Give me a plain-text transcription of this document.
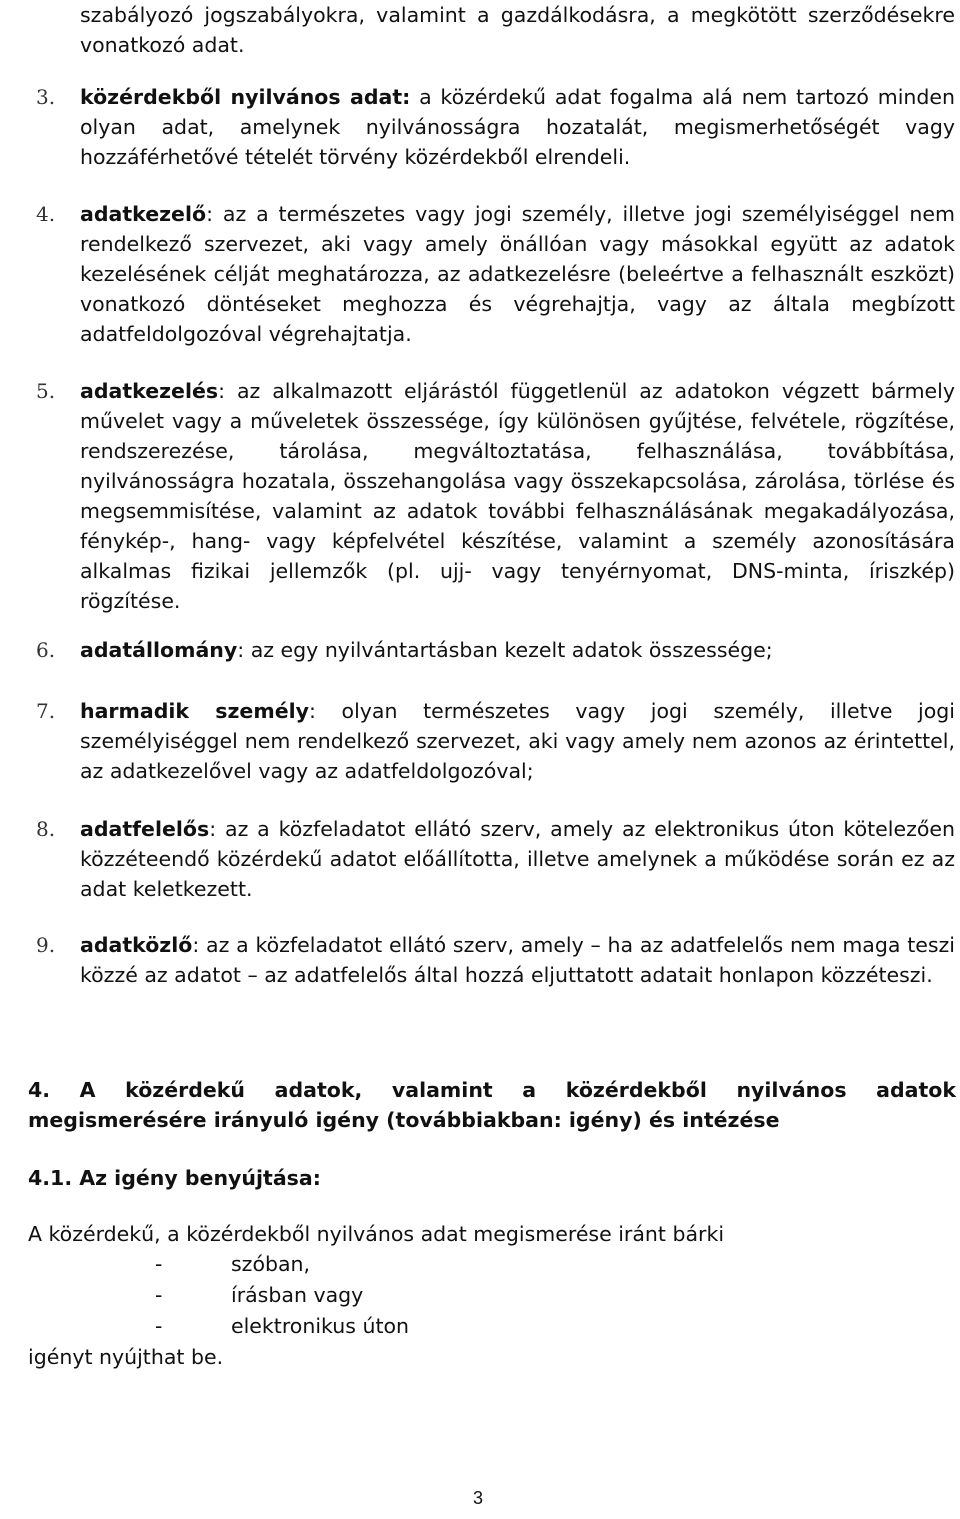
szabályozó jogszabályokra, valamint a gazdálkodásra, a megkötött szerződésekre vonatkozó adat.
3. közérdekből nyilvános adat: a közérdekű adat fogalma alá nem tartozó minden olyan adat, amelynek nyilvánosságra hozatalát, megismerhetőségét vagy hozzáférhetővé tételét törvény közérdekből elrendeli.
4. adatkezelő: az a természetes vagy jogi személy, illetve jogi személyiséggel nem rendelkező szervezet, aki vagy amely önállóan vagy másokkal együtt az adatok kezelésének célját meghatározza, az adatkezelésre (beleértve a felhasznált eszközt) vonatkozó döntéseket meghozza és végrehajtja, vagy az általa megbízott adatfeldolgozóval végrehajtatja.
5. adatkezelés: az alkalmazott eljárástól függetlenül az adatokon végzett bármely művelet vagy a műveletek összessége, így különösen gyűjtése, felvétele, rögzítése, rendszerezése, tárolása, megváltoztatása, felhasználása, továbbítása, nyilvánosságra hozatala, összehangolása vagy összekapcsolása, zárolása, törlése és megsemmisítése, valamint az adatok további felhasználásának megakadályozása, fénykép-, hang- vagy képfelvétel készítése, valamint a személy azonosítására alkalmas fizikai jellemzők (pl. ujj- vagy tenyérnyomat, DNS-minta, íriszkép) rögzítése.
6. adatállomány: az egy nyilvántartásban kezelt adatok összessége;
7. harmadik személy: olyan természetes vagy jogi személy, illetve jogi személyiséggel nem rendelkező szervezet, aki vagy amely nem azonos az érintettel, az adatkezelővel vagy az adatfeldolgozóval;
8. adatfelelős: az a közfeladatot ellátó szerv, amely az elektronikus úton kötelezően közzéteendő közérdekű adatot előállította, illetve amelynek a működése során ez az adat keletkezett.
9. adatközlő: az a közfeladatot ellátó szerv, amely – ha az adatfelelős nem maga teszi közzé az adatot – az adatfelelős által hozzá eljuttatott adatait honlapon közzéteszi.
4. A közérdekű adatok, valamint a közérdekből nyilvános adatok megismerésére irányuló igény (továbbiakban: igény) és intézése
4.1. Az igény benyújtása:
A közérdekű, a közérdekből nyilvános adat megismerése iránt bárki
-	szóban,
-	írásban vagy
-	elektronikus úton
igényt nyújthat be.
3
